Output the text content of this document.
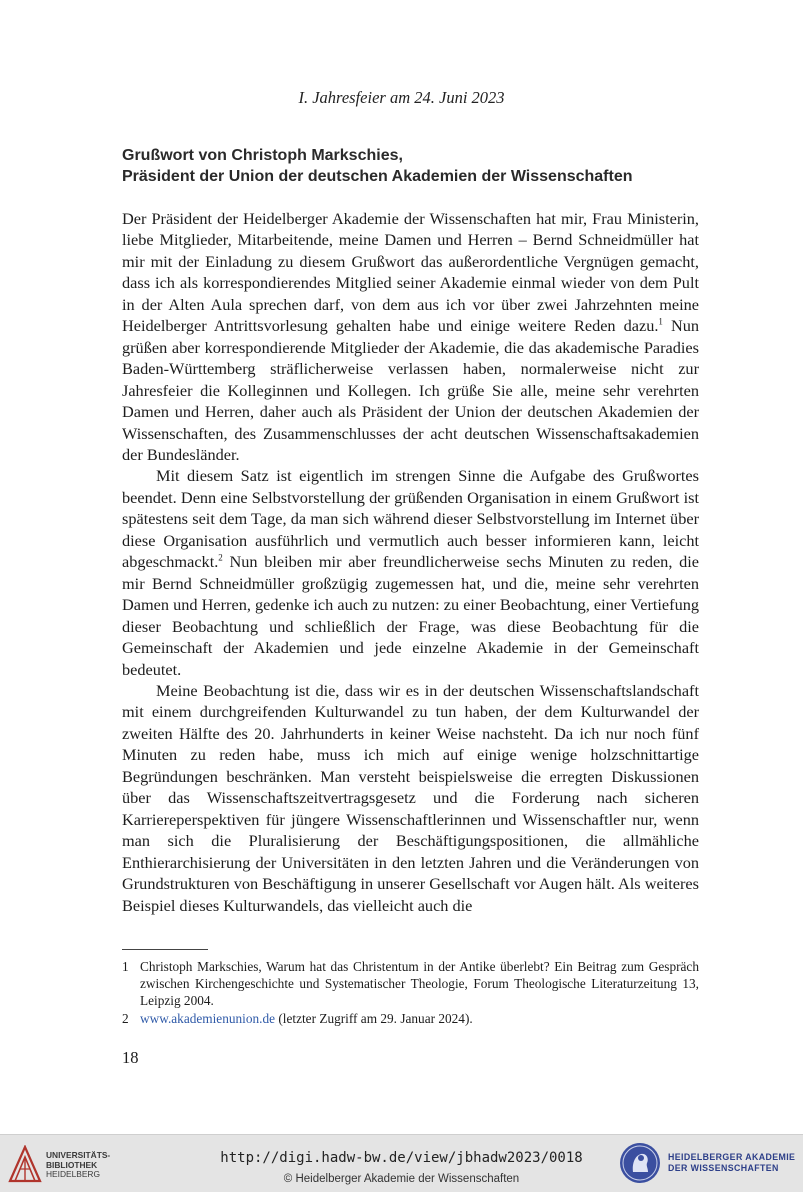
I. Jahresfeier am 24. Juni 2023
Grußwort von Christoph Markschies,
Präsident der Union der deutschen Akademien der Wissenschaften

Der Präsident der Heidelberger Akademie der Wissenschaften hat mir, Frau Ministerin, liebe Mitglieder, Mitarbeitende, meine Damen und Herren – Bernd Schneidmüller hat mir mit der Einladung zu diesem Grußwort das außerordentliche Vergnügen gemacht, dass ich als korrespondierendes Mitglied seiner Akademie einmal wieder von dem Pult in der Alten Aula sprechen darf, von dem aus ich vor über zwei Jahrzehnten meine Heidelberger Antrittsvorlesung gehalten habe und einige weitere Reden dazu.$^1$ Nun grüßen aber korrespondierende Mitglieder der Akademie, die das akademische Paradies Baden-Württemberg sträflicherweise verlassen haben, normalerweise nicht zur Jahresfeier die Kolleginnen und Kollegen. Ich grüße Sie alle, meine sehr verehrten Damen und Herren, daher auch als Präsident der Union der deutschen Akademien der Wissenschaften, des Zusammenschlusses der acht deutschen Wissenschaftsakademien der Bundesländer.

Mit diesem Satz ist eigentlich im strengen Sinne die Aufgabe des Grußwortes beendet. Denn eine Selbstvorstellung der grüßenden Organisation in einem Grußwort ist spätestens seit dem Tage, da man sich während dieser Selbstvorstellung im Internet über diese Organisation ausführlich und vermutlich auch besser informieren kann, leicht abgeschmackt.$^2$ Nun bleiben mir aber freundlicherweise sechs Minuten zu reden, die mir Bernd Schneidmüller großzügig zugemessen hat, und die, meine sehr verehrten Damen und Herren, gedenke ich auch zu nutzen: zu einer Beobachtung, einer Vertiefung dieser Beobachtung und schließlich der Frage, was diese Beobachtung für die Gemeinschaft der Akademien und jede einzelne Akademie in der Gemeinschaft bedeutet.

Meine Beobachtung ist die, dass wir es in der deutschen Wissenschaftslandschaft mit einem durchgreifenden Kulturwandel zu tun haben, der dem Kulturwandel der zweiten Hälfte des 20. Jahrhunderts in keiner Weise nachsteht. Da ich nur noch fünf Minuten zu reden habe, muss ich mich auf einige wenige holzschnittartige Begründungen beschränken. Man versteht beispielsweise die erregten Diskussionen über das Wissenschaftszeitvertragsgesetz und die Forderung nach sicheren Karriereperspektiven für jüngere Wissenschaftlerinnen und Wissenschaftler nur, wenn man sich die Pluralisierung der Beschäftigungspositionen, die allmähliche Enthierarchisierung der Universitäten in den letzten Jahren und die Veränderungen von Grundstrukturen von Beschäftigung in unserer Gesellschaft vor Augen hält. Als weiteres Beispiel dieses Kulturwandels, das vielleicht auch die

1 Christoph Markschies, Warum hat das Christentum in der Antike überlebt? Ein Beitrag zum Gespräch zwischen Kirchengeschichte und Systematischer Theologie, Forum Theologische Literaturzeitung 13, Leipzig 2004.
2 www.akademienunion.de (letzter Zugriff am 29. Januar 2024).
18
UNIVERSITÄTS-
BIBLIOTHEK
HEIDELBERG
http://digi.hadw-bw.de/view/jbhadw2023/0018
© Heidelberger Akademie der Wissenschaften
HEIDELBERGER AKADEMIE
DER WISSENSCHAFTEN
